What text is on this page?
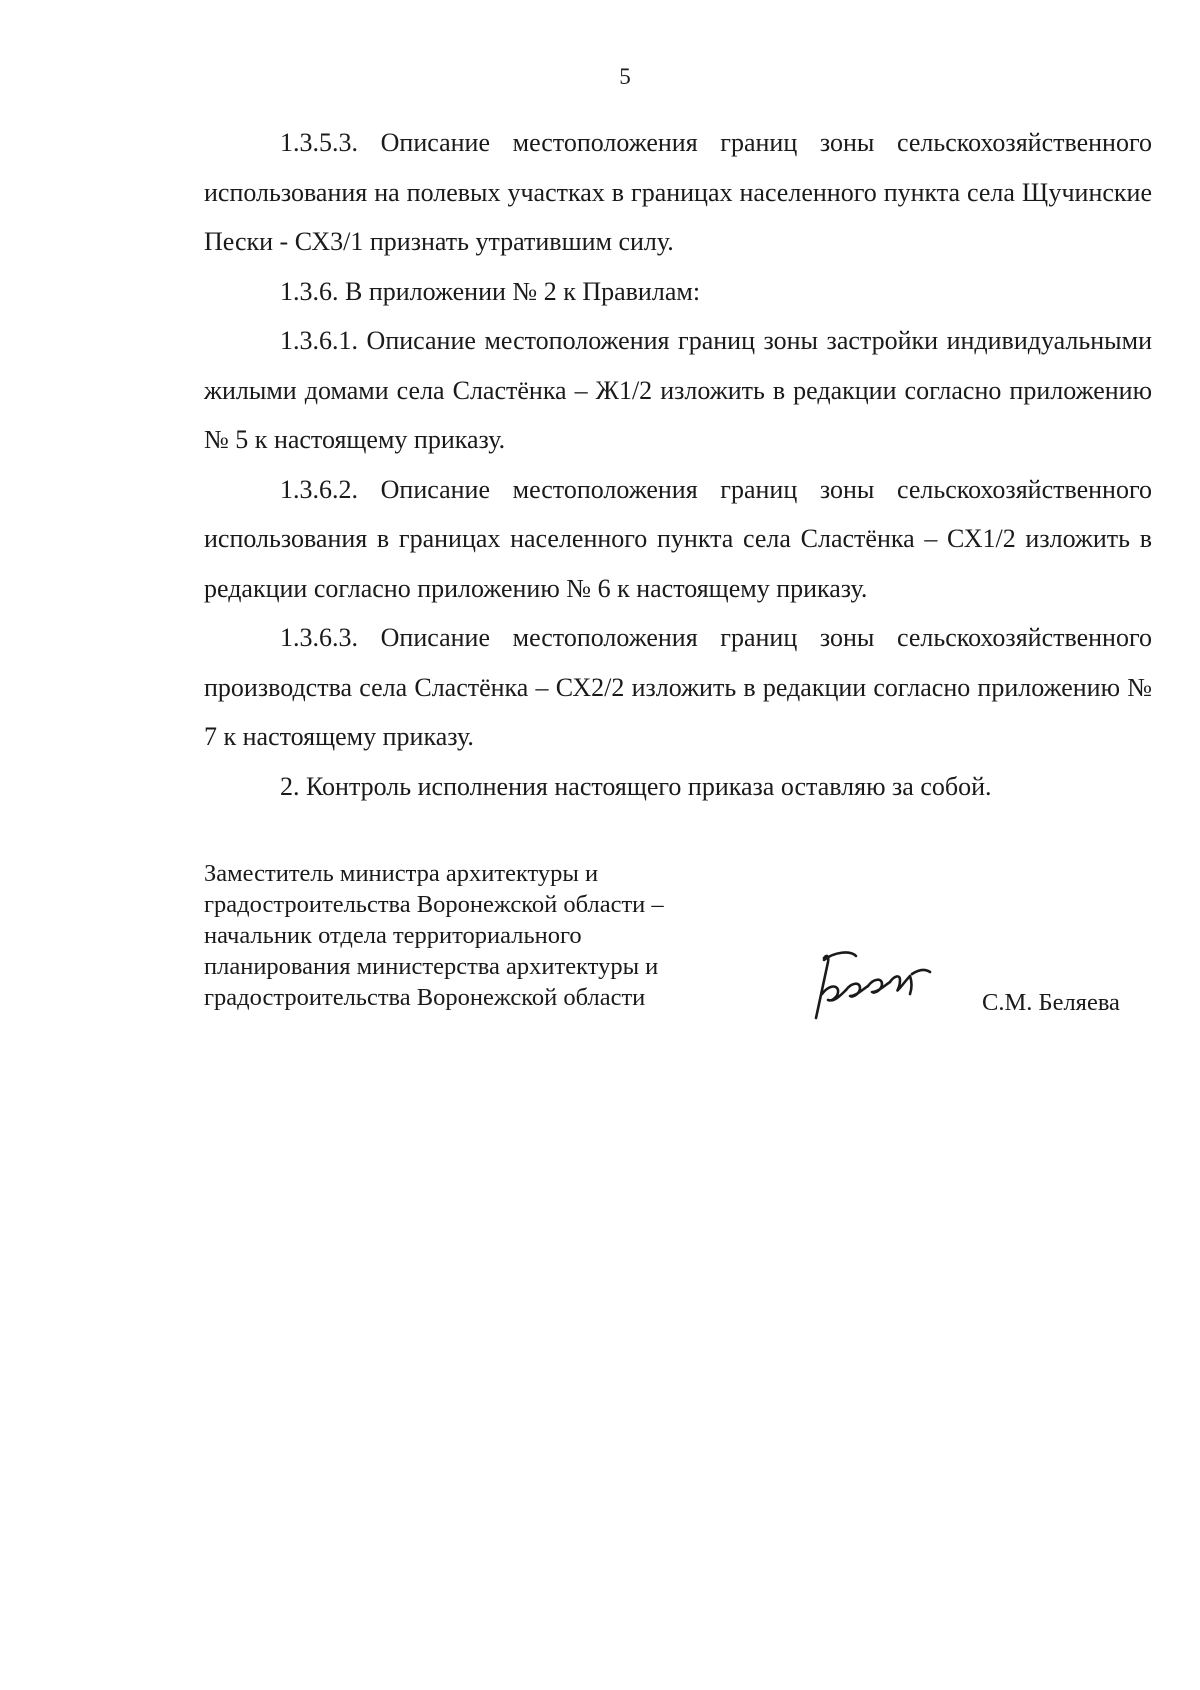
5

1.3.5.3. Описание местоположения границ зоны сельскохозяйственного использования на полевых участках в границах населенного пункта села Щучинские Пески - СХ3/1 признать утратившим силу.

1.3.6. В приложении № 2 к Правилам:

1.3.6.1. Описание местоположения границ зоны застройки индивидуальными жилыми домами села Сластёнка – Ж1/2 изложить в редакции согласно приложению № 5 к настоящему приказу.

1.3.6.2. Описание местоположения границ зоны сельскохозяйственного использования в границах населенного пункта села Сластёнка – СХ1/2 изложить в редакции согласно приложению № 6 к настоящему приказу.

1.3.6.3. Описание местоположения границ зоны сельскохозяйственного производства села Сластёнка – СХ2/2 изложить в редакции согласно приложению № 7 к настоящему приказу.

2. Контроль исполнения настоящего приказа оставляю за собой.

Заместитель министра архитектуры и
градостроительства Воронежской области –
начальник отдела территориального
планирования министерства архитектуры и
градостроительства Воронежской области	С.М. Беляева
